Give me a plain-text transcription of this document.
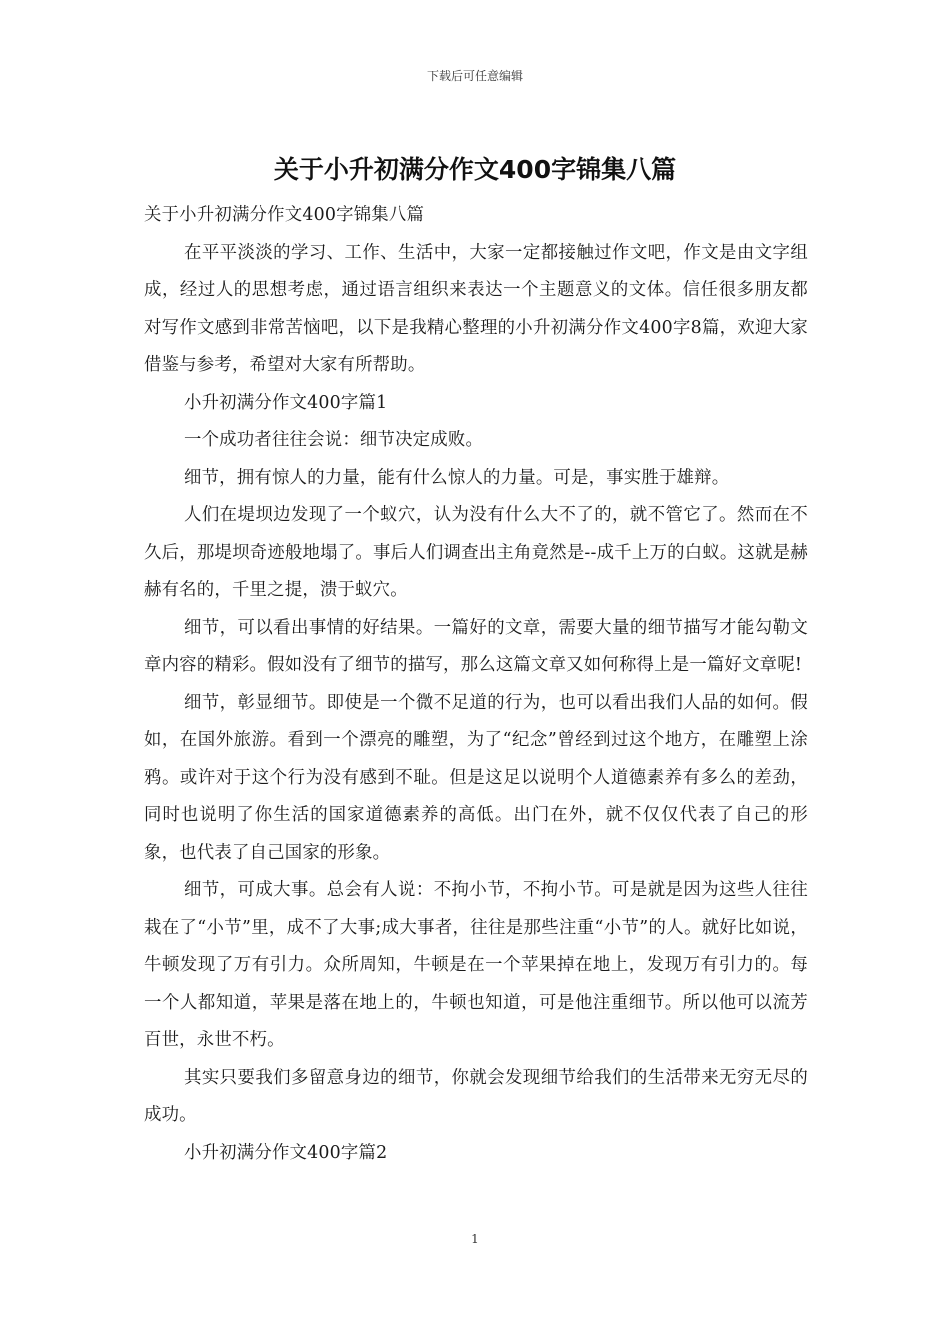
下载后可任意编辑
关于小升初满分作文400字锦集八篇

关于小升初满分作文400字锦集八篇

在平平淡淡的学习、工作、生活中，大家一定都接触过作文吧，作文是由文字组成，经过人的思想考虑，通过语言组织来表达一个主题意义的文体。信任很多朋友都对写作文感到非常苦恼吧，以下是我精心整理的小升初满分作文400字8篇，欢迎大家借鉴与参考，希望对大家有所帮助。

小升初满分作文400字篇1

一个成功者往往会说：细节决定成败。

细节，拥有惊人的力量，能有什么惊人的力量。可是，事实胜于雄辩。

人们在堤坝边发现了一个蚁穴，认为没有什么大不了的，就不管它了。然而在不久后，那堤坝奇迹般地塌了。事后人们调查出主角竟然是--成千上万的白蚁。这就是赫赫有名的，千里之提，溃于蚁穴。

细节，可以看出事情的好结果。一篇好的文章，需要大量的细节描写才能勾勒文章内容的精彩。假如没有了细节的描写，那么这篇文章又如何称得上是一篇好文章呢!

细节，彰显细节。即使是一个微不足道的行为，也可以看出我们人品的如何。假如，在国外旅游。看到一个漂亮的雕塑，为了“纪念”曾经到过这个地方，在雕塑上涂鸦。或许对于这个行为没有感到不耻。但是这足以说明个人道德素养有多么的差劲，同时也说明了你生活的国家道德素养的高低。出门在外，就不仅仅代表了自己的形象，也代表了自己国家的形象。

细节，可成大事。总会有人说：不拘小节，不拘小节。可是就是因为这些人往往栽在了“小节”里，成不了大事;成大事者，往往是那些注重“小节”的人。就好比如说，牛顿发现了万有引力。众所周知，牛顿是在一个苹果掉在地上，发现万有引力的。每一个人都知道，苹果是落在地上的，牛顿也知道，可是他注重细节。所以他可以流芳百世，永世不朽。

其实只要我们多留意身边的细节，你就会发现细节给我们的生活带来无穷无尽的成功。

小升初满分作文400字篇2

1
